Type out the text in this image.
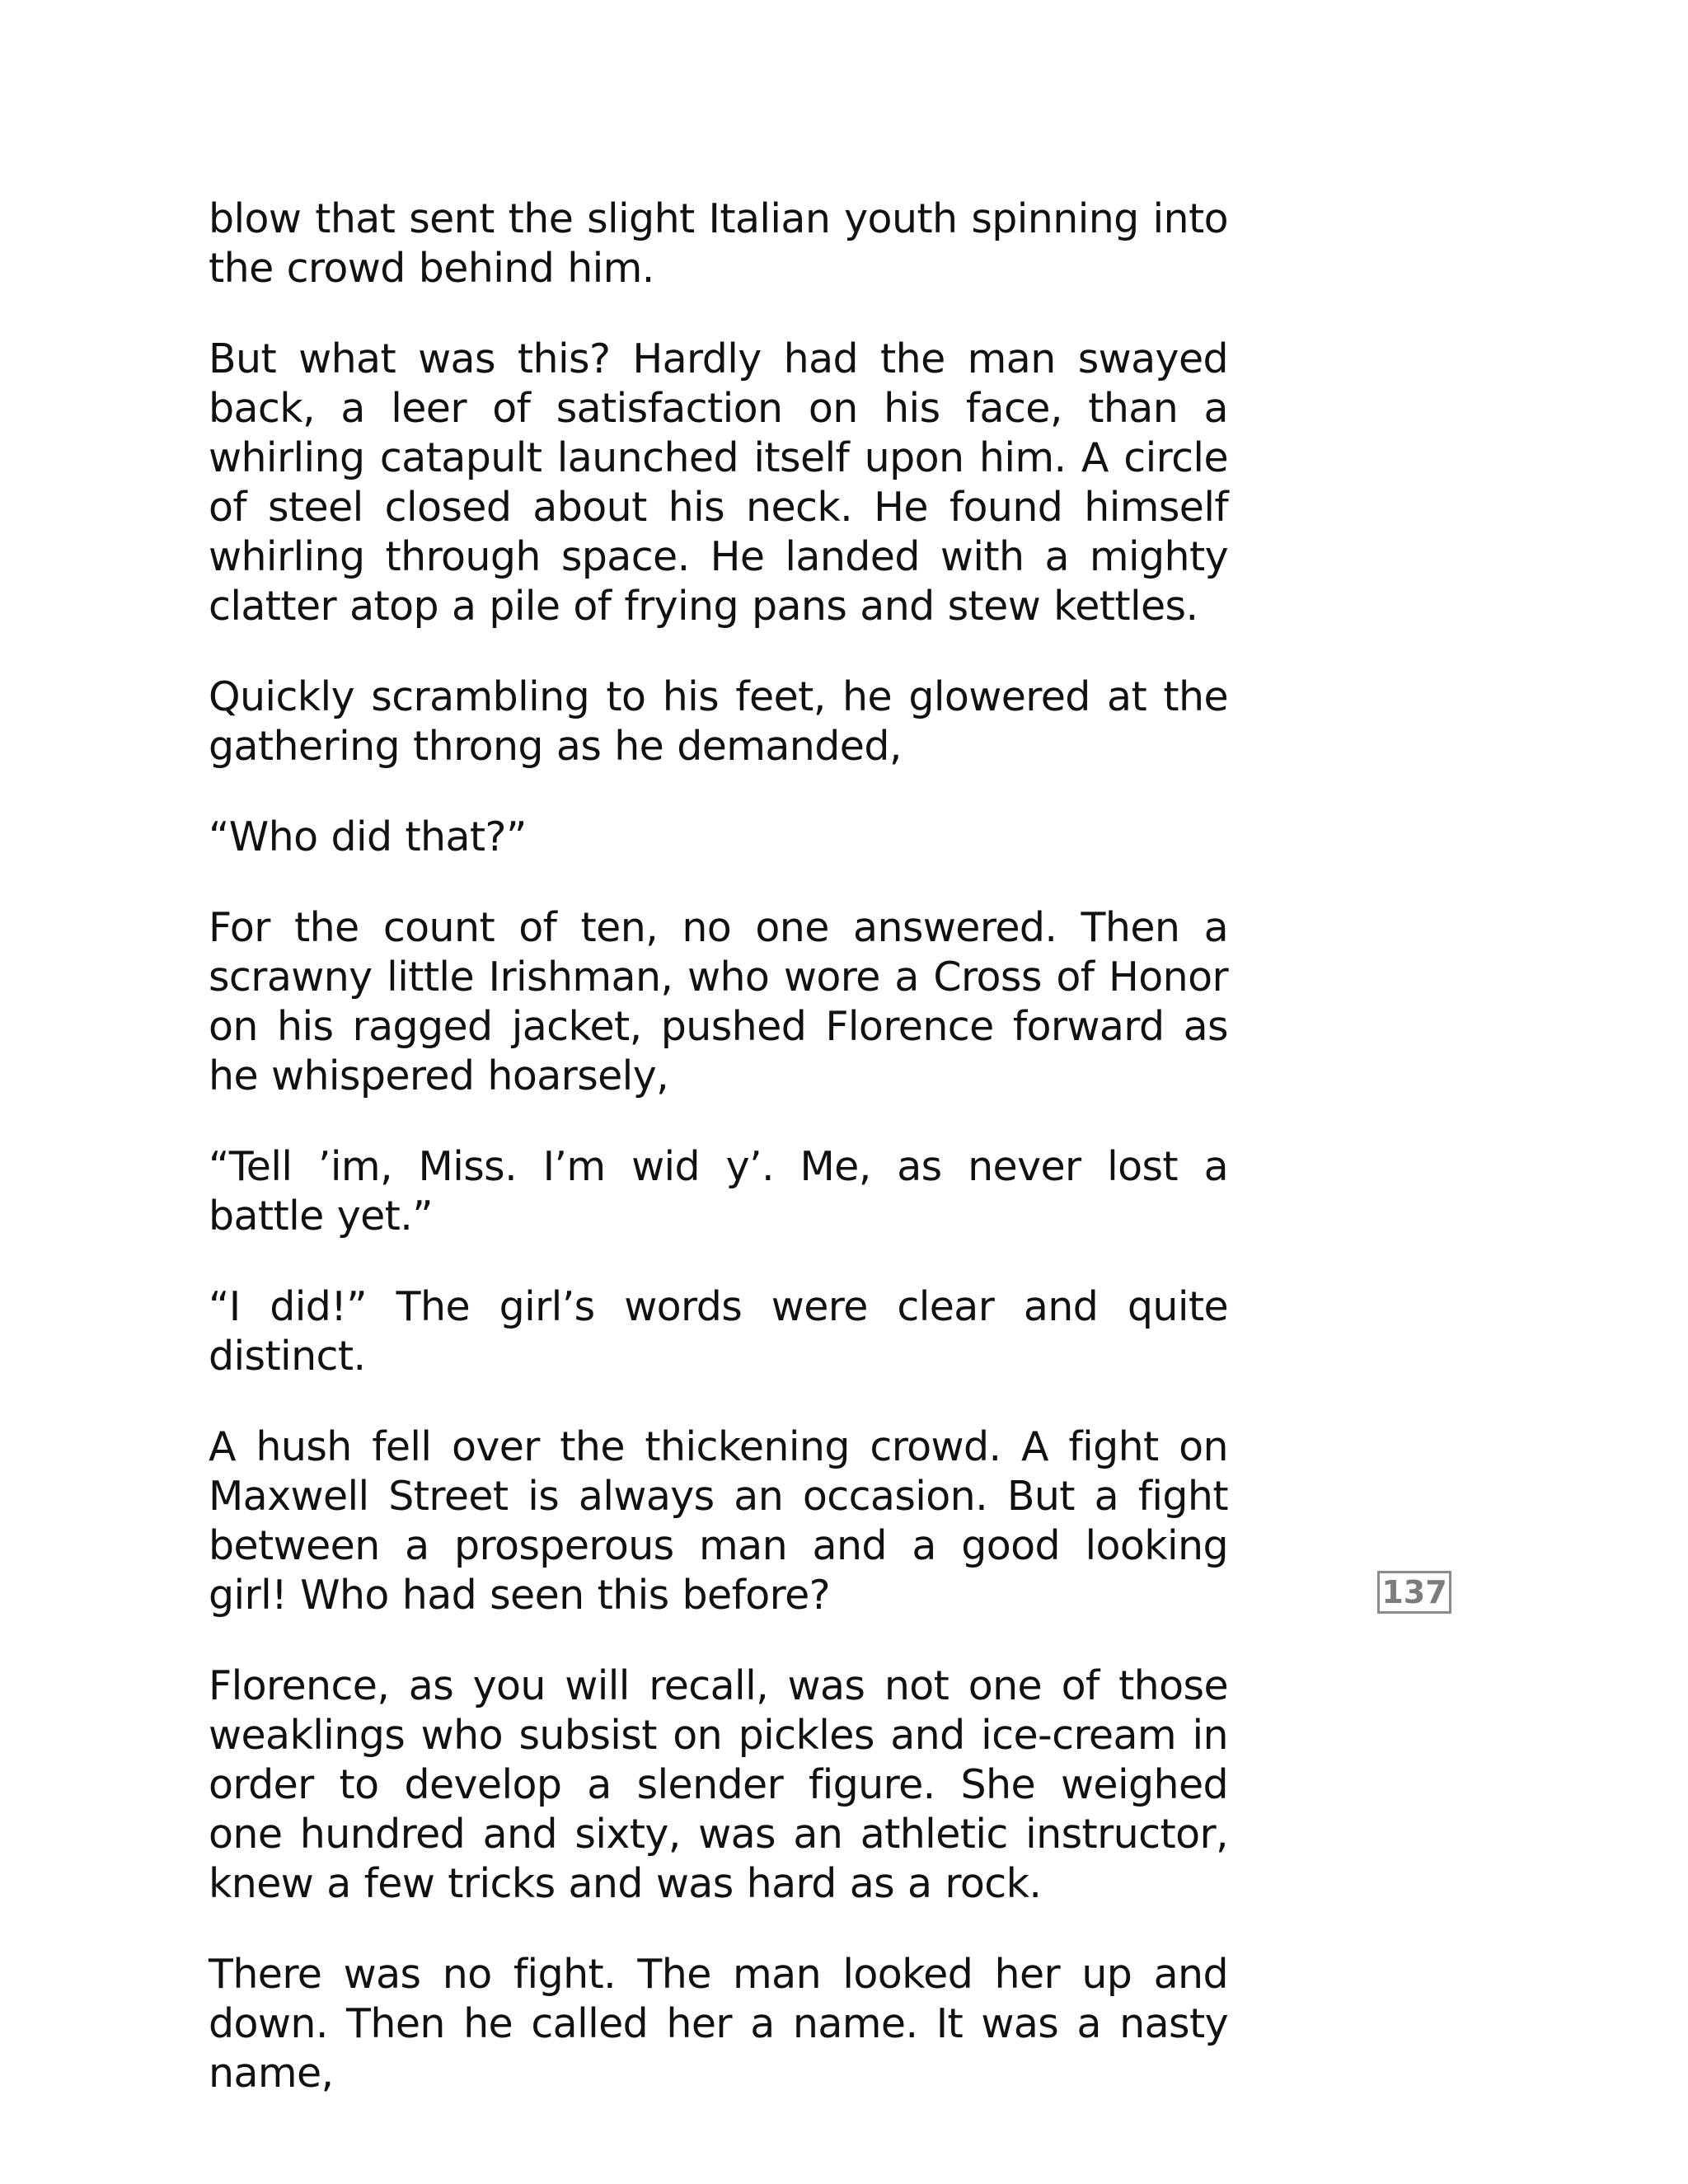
blow that sent the slight Italian youth spinning into the crowd behind him.

But what was this? Hardly had the man swayed back, a leer of satisfaction on his face, than a whirling catapult launched itself upon him. A circle of steel closed about his neck. He found himself whirling through space. He landed with a mighty clatter atop a pile of frying pans and stew kettles.

Quickly scrambling to his feet, he glowered at the gathering throng as he demanded,

“Who did that?”

For the count of ten, no one answered. Then a scrawny little Irishman, who wore a Cross of Honor on his ragged jacket, pushed Florence forward as he whispered hoarsely,

“Tell ’im, Miss. I’m wid y’. Me, as never lost a battle yet.”

“I did!” The girl’s words were clear and quite distinct.

A hush fell over the thickening crowd. A fight on Maxwell Street is always an occasion. But a fight between a prosperous man and a good looking girl! Who had seen this before?

Florence, as you will recall, was not one of those weaklings who subsist on pickles and ice-cream in order to develop a slender figure. She weighed one hundred and sixty, was an athletic instructor, knew a few tricks and was hard as a rock.

There was no fight. The man looked her up and down. Then he called her a name. It was a nasty name,

137
